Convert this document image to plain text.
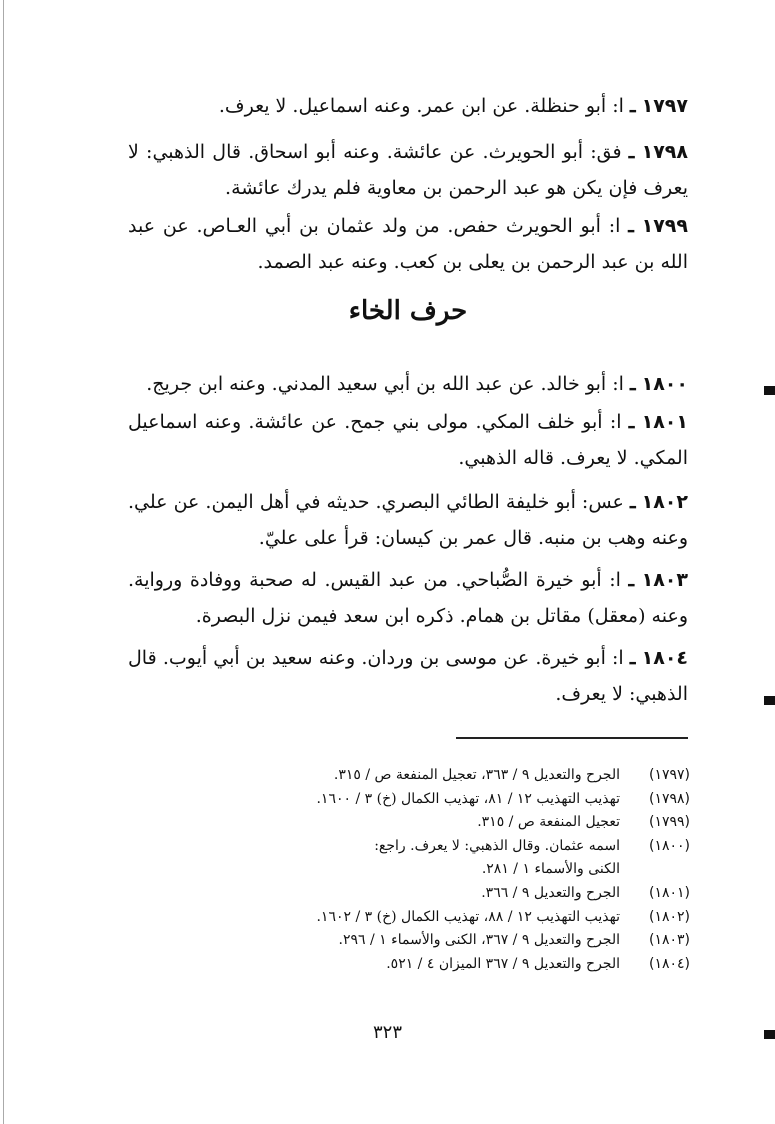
١٧٩٧ ـ ا: أبو حنظلة. عن ابن عمر. وعنه اسماعيل. لا يعرف.

١٧٩٨ ـ فق: أبو الحويرث. عن عائشة. وعنه أبو اسحاق. قال الذهبي: لا يعرف فإن يكن هو عبد الرحمن بن معاوية فلم يدرك عائشة.

١٧٩٩ ـ ا: أبو الحويرث حفص. من ولد عثمان بن أبي العـاص. عن عبد الله بن عبد الرحمن بن يعلى بن كعب. وعنه عبد الصمد.

حرف الخاء

١٨٠٠ ـ ا: أبو خالد. عن عبد الله بن أبي سعيد المدني. وعنه ابن جريج.

١٨٠١ ـ ا: أبو خلف المكي. مولى بني جمح. عن عائشة. وعنه اسماعيل المكي. لا يعرف. قاله الذهبي.

١٨٠٢ ـ عس: أبو خليفة الطائي البصري. حديثه في أهل اليمن. عن علي. وعنه وهب بن منبه. قال عمر بن كيسان: قرأ على عليّ.

١٨٠٣ ـ ا: أبو خيرة الصُّباحي. من عبد القيس. له صحبة ووفادة ورواية. وعنه (معقل) مقاتل بن همام. ذكره ابن سعد فيمن نزل البصرة.

١٨٠٤ ـ ا: أبو خيرة. عن موسى بن وردان. وعنه سعيد بن أبي أيوب. قال الذهبي: لا يعرف.

(١٧٩٧)
الجرح والتعديل ٩ / ٣٦٣، تعجيل المنفعة ص / ٣١٥.
(١٧٩٨)
تهذيب التهذيب ١٢ / ٨١، تهذيب الكمال (خ) ٣ / ١٦٠٠.
(١٧٩٩)
تعجيل المنفعة ص / ٣١٥.
(١٨٠٠)
اسمه عثمان. وقال الذهبي: لا يعرف. راجع:
الكنى والأسماء ١ / ٢٨١.
(١٨٠١)
الجرح والتعديل ٩ / ٣٦٦.
(١٨٠٢)
تهذيب التهذيب ١٢ / ٨٨، تهذيب الكمال (خ) ٣ / ١٦٠٢.
(١٨٠٣)
الجرح والتعديل ٩ / ٣٦٧، الكنى والأسماء ١ / ٢٩٦.
(١٨٠٤)
الجرح والتعديل ٩ / ٣٦٧ الميزان ٤ / ٥٢١.

٣٢٣
